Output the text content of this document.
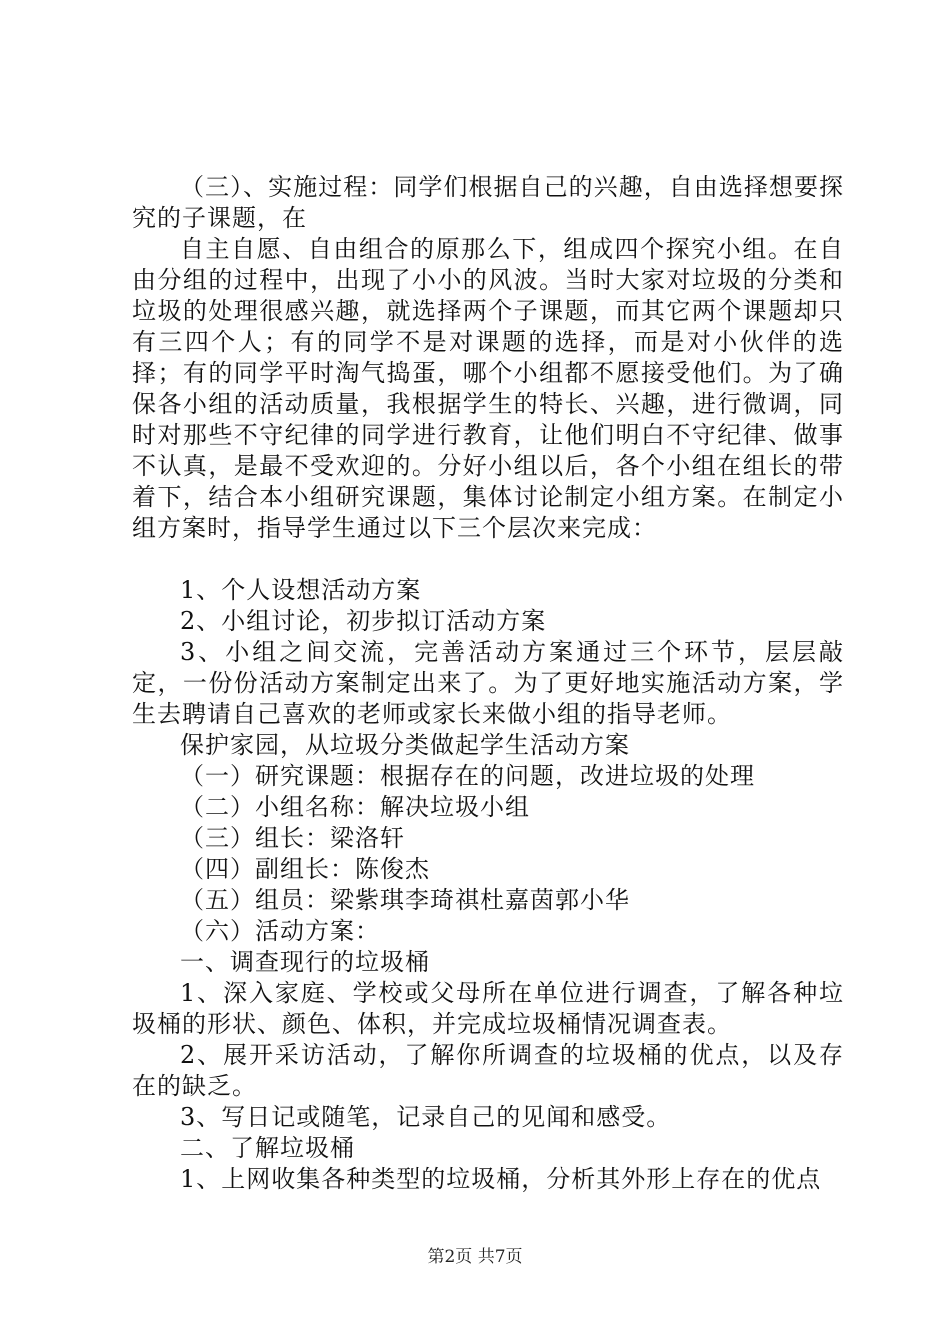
（三）、实施过程：同学们根据自己的兴趣，自由选择想要探究的子课题，在

自主自愿、自由组合的原那么下，组成四个探究小组。在自由分组的过程中，出现了小小的风波。当时大家对垃圾的分类和垃圾的处理很感兴趣，就选择两个子课题，而其它两个课题却只有三四个人；有的同学不是对课题的选择，而是对小伙伴的选择；有的同学平时淘气捣蛋，哪个小组都不愿接受他们。为了确保各小组的活动质量，我根据学生的特长、兴趣，进行微调，同时对那些不守纪律的同学进行教育，让他们明白不守纪律、做事不认真，是最不受欢迎的。分好小组以后，各个小组在组长的带着下，结合本小组研究课题，集体讨论制定小组方案。在制定小组方案时，指导学生通过以下三个层次来完成：

1、个人设想活动方案

2、小组讨论，初步拟订活动方案

3、小组之间交流，完善活动方案通过三个环节，层层敲定，一份份活动方案制定出来了。为了更好地实施活动方案，学生去聘请自己喜欢的老师或家长来做小组的指导老师。

保护家园，从垃圾分类做起学生活动方案

（一）研究课题：根据存在的问题，改进垃圾的处理

（二）小组名称：解决垃圾小组

（三）组长：梁洛轩

（四）副组长：陈俊杰

（五）组员：梁紫琪李琦祺杜嘉茵郭小华

（六）活动方案：

一、调查现行的垃圾桶

1、深入家庭、学校或父母所在单位进行调查，了解各种垃圾桶的形状、颜色、体积，并完成垃圾桶情况调查表。

2、展开采访活动，了解你所调查的垃圾桶的优点，以及存在的缺乏。

3、写日记或随笔，记录自己的见闻和感受。

二、了解垃圾桶

1、上网收集各种类型的垃圾桶，分析其外形上存在的优点

第2页 共7页
